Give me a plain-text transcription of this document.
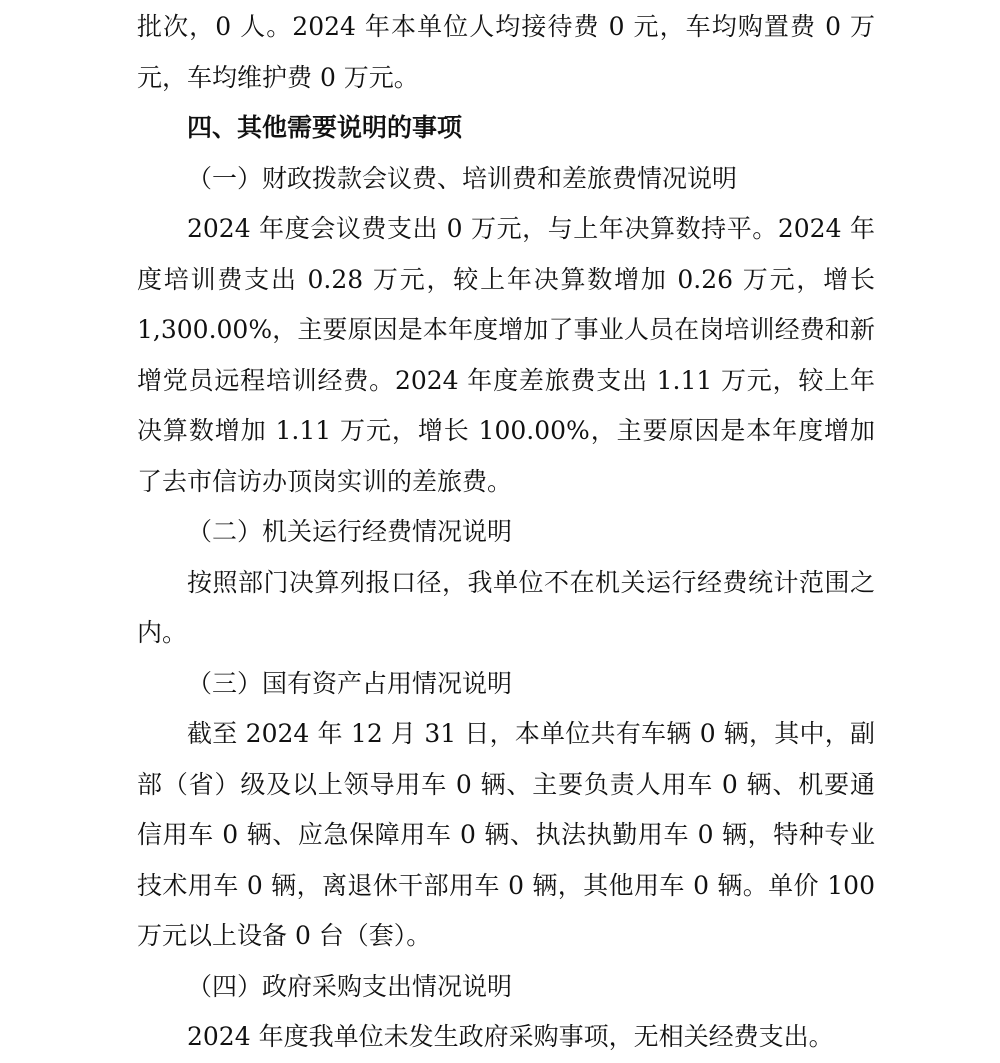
批次，0 人。2024 年本单位人均接待费 0 元，车均购置费 0 万元，车均维护费 0 万元。

四、其他需要说明的事项

（一）财政拨款会议费、培训费和差旅费情况说明

2024 年度会议费支出 0 万元，与上年决算数持平。2024 年度培训费支出 0.28 万元，较上年决算数增加 0.26 万元，增长 1,300.00%，主要原因是本年度增加了事业人员在岗培训经费和新增党员远程培训经费。2024 年度差旅费支出 1.11 万元，较上年决算数增加 1.11 万元，增长 100.00%，主要原因是本年度增加了去市信访办顶岗实训的差旅费。

（二）机关运行经费情况说明

按照部门决算列报口径，我单位不在机关运行经费统计范围之内。

（三）国有资产占用情况说明

截至 2024 年 12 月 31 日，本单位共有车辆 0 辆，其中，副部（省）级及以上领导用车 0 辆、主要负责人用车 0 辆、机要通信用车 0 辆、应急保障用车 0 辆、执法执勤用车 0 辆，特种专业技术用车 0 辆，离退休干部用车 0 辆，其他用车 0 辆。单价 100 万元以上设备 0 台（套）。

（四）政府采购支出情况说明

2024 年度我单位未发生政府采购事项，无相关经费支出。
